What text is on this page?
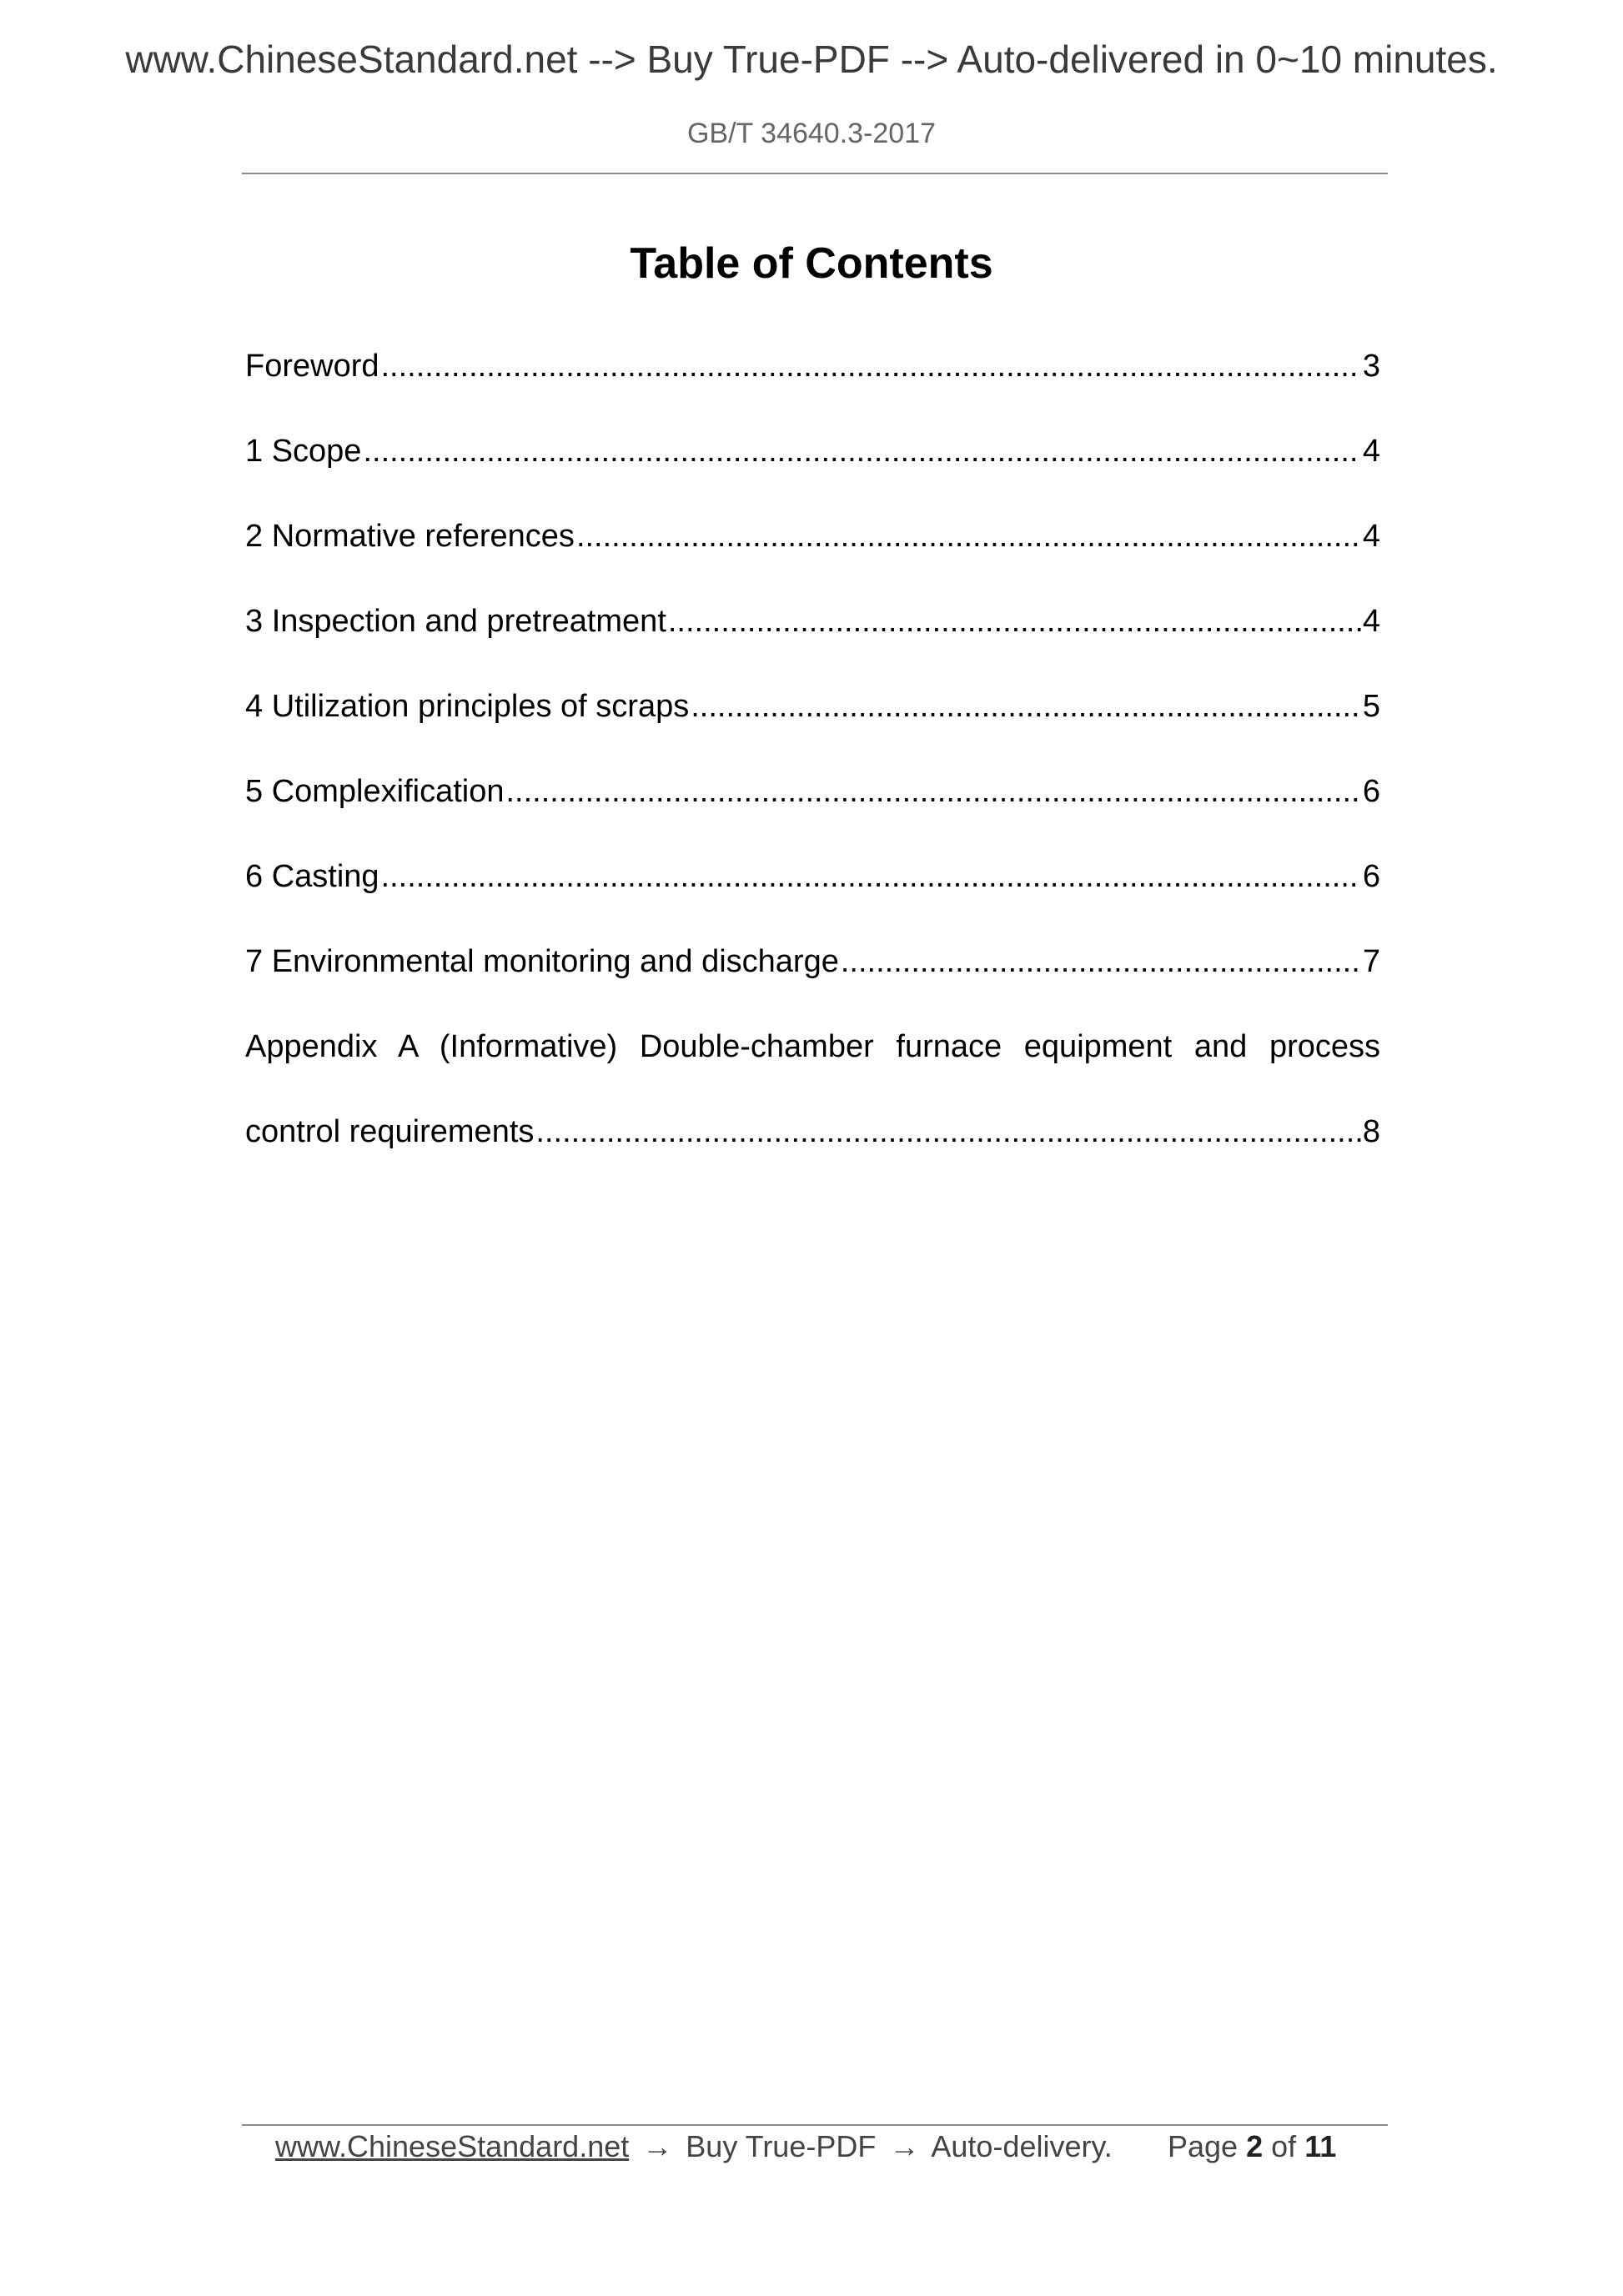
www.ChineseStandard.net --> Buy True-PDF --> Auto-delivered in 0~10 minutes.
GB/T 34640.3-2017
Table of Contents
Foreword .....	3
1 Scope .....	4
2 Normative references .....	4
3 Inspection and pretreatment .....	4
4 Utilization principles of scraps .....	5
5 Complexification .....	6
6 Casting .....	6
7 Environmental monitoring and discharge .....	7
Appendix A (Informative) Double-chamber furnace equipment and process
control requirements .....	8
www.ChineseStandard.net → Buy True-PDF → Auto-delivery. Page 2 of 11
